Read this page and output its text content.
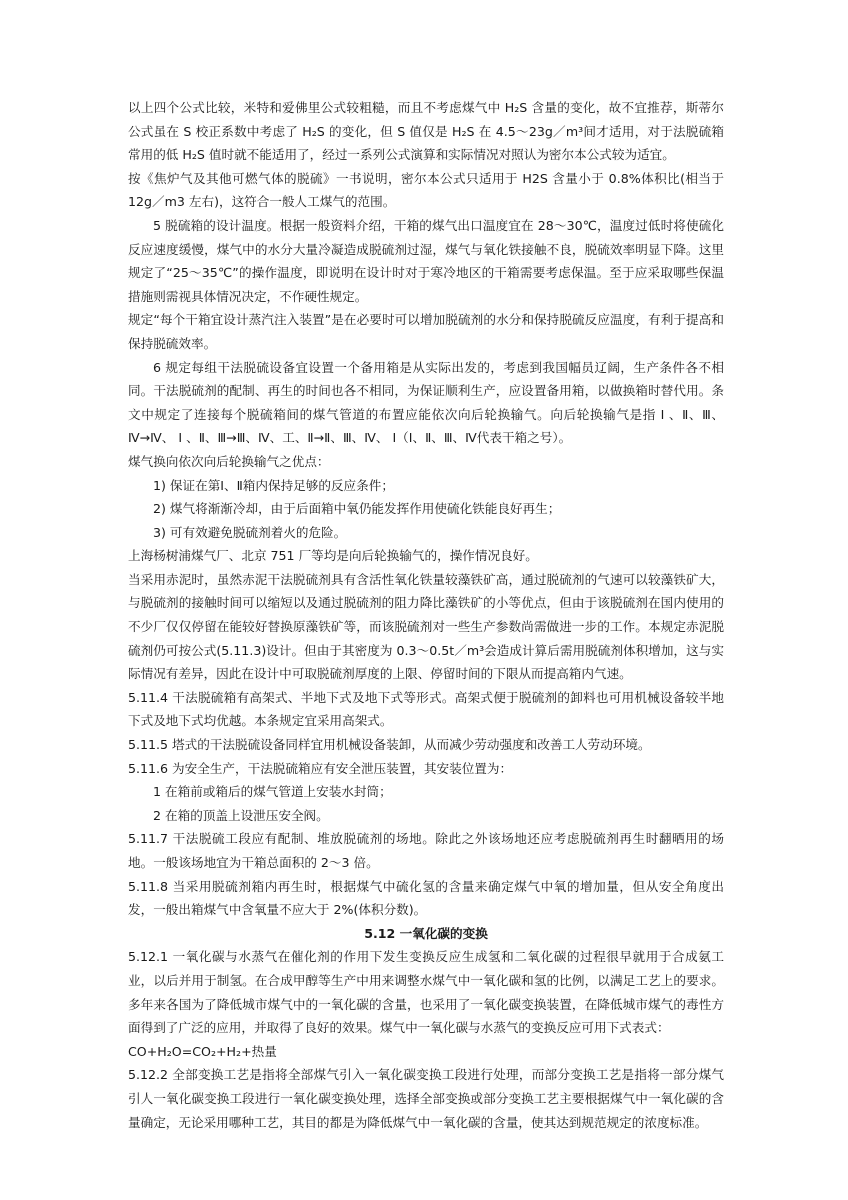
以上四个公式比较，米特和爱佛里公式较粗糙，而且不考虑煤气中 H₂S 含量的变化，故不宜推荐，斯蒂尔公式虽在 S 校正系数中考虑了 H₂S 的变化，但 S 值仅是 H₂S 在 4.5～23g／m³间才适用，对于法脱硫箱常用的低 H₂S 值时就不能适用了，经过一系列公式演算和实际情况对照认为密尔本公式较为适宜。

按《焦炉气及其他可燃气体的脱硫》一书说明，密尔本公式只适用于 H2S 含量小于 0.8%体积比(相当于 12g／m3 左右)，这符合一般人工煤气的范围。

5 脱硫箱的设计温度。根据一般资料介绍，干箱的煤气出口温度宜在 28～30℃，温度过低时将使硫化反应速度缓慢，煤气中的水分大量冷凝造成脱硫剂过湿，煤气与氧化铁接触不良，脱硫效率明显下降。这里规定了“25～35℃”的操作温度，即说明在设计时对于寒冷地区的干箱需要考虑保温。至于应采取哪些保温措施则需视具体情况决定，不作硬性规定。

规定“每个干箱宜设计蒸汽注入装置”是在必要时可以增加脱硫剂的水分和保持脱硫反应温度，有利于提高和保持脱硫效率。

6 规定每组干法脱硫设备宜设置一个备用箱是从实际出发的，考虑到我国幅员辽阔，生产条件各不相同。干法脱硫剂的配制、再生的时间也各不相同，为保证顺利生产，应设置备用箱，以做换箱时替代用。条文中规定了连接每个脱硫箱间的煤气管道的布置应能依次向后轮换输气。向后轮换输气是指 I 、Ⅱ、Ⅲ、Ⅳ→Ⅳ、 I 、Ⅱ、Ⅲ→Ⅲ、Ⅳ、工、Ⅱ→Ⅱ、Ⅲ、Ⅳ、 I（Ⅰ、Ⅱ、Ⅲ、Ⅳ代表干箱之号）。

煤气换向依次向后轮换输气之优点：

1) 保证在第Ⅰ、Ⅱ箱内保持足够的反应条件；

2) 煤气将渐渐冷却，由于后面箱中氧仍能发挥作用使硫化铁能良好再生；

3) 可有效避免脱硫剂着火的危险。

上海杨树浦煤气厂、北京 751 厂等均是向后轮换输气的，操作情况良好。

当采用赤泥时，虽然赤泥干法脱硫剂具有含活性氧化铁量较藻铁矿高，通过脱硫剂的气速可以较藻铁矿大，与脱硫剂的接触时间可以缩短以及通过脱硫剂的阻力降比藻铁矿的小等优点，但由于该脱硫剂在国内使用的不少厂仅仅停留在能较好替换原藻铁矿等，而该脱硫剂对一些生产参数尚需做进一步的工作。本规定赤泥脱硫剂仍可按公式(5.11.3)设计。但由于其密度为 0.3～0.5t／m³会造成计算后需用脱硫剂体积增加，这与实际情况有差异，因此在设计中可取脱硫剂厚度的上限、停留时间的下限从而提高箱内气速。

5.11.4 干法脱硫箱有高架式、半地下式及地下式等形式。高架式便于脱硫剂的卸料也可用机械设备较半地下式及地下式均优越。本条规定宜采用高架式。

5.11.5 塔式的干法脱硫设备同样宜用机械设备装卸，从而减少劳动强度和改善工人劳动环境。

5.11.6 为安全生产，干法脱硫箱应有安全泄压装置，其安装位置为：

1 在箱前或箱后的煤气管道上安装水封筒；

2 在箱的顶盖上设泄压安全阀。

5.11.7 干法脱硫工段应有配制、堆放脱硫剂的场地。除此之外该场地还应考虑脱硫剂再生时翻晒用的场地。一般该场地宜为干箱总面积的 2～3 倍。

5.11.8 当采用脱硫剂箱内再生时，根据煤气中硫化氢的含量来确定煤气中氧的增加量，但从安全角度出发，一般出箱煤气中含氧量不应大于 2%(体积分数)。

5.12 一氧化碳的变换

5.12.1 一氧化碳与水蒸气在催化剂的作用下发生变换反应生成氢和二氧化碳的过程很早就用于合成氨工业，以后并用于制氢。在合成甲醇等生产中用来调整水煤气中一氧化碳和氢的比例，以满足工艺上的要求。多年来各国为了降低城市煤气中的一氧化碳的含量，也采用了一氧化碳变换装置，在降低城市煤气的毒性方面得到了广泛的应用，并取得了良好的效果。煤气中一氧化碳与水蒸气的变换反应可用下式表式：

CO+H₂O=CO₂+H₂+热量

5.12.2 全部变换工艺是指将全部煤气引入一氧化碳变换工段进行处理，而部分变换工艺是指将一部分煤气引人一氧化碳变换工段进行一氧化碳变换处理，选择全部变换或部分变换工艺主要根据煤气中一氧化碳的含量确定，无论采用哪种工艺，其目的都是为降低煤气中一氧化碳的含量，使其达到规范规定的浓度标准。
